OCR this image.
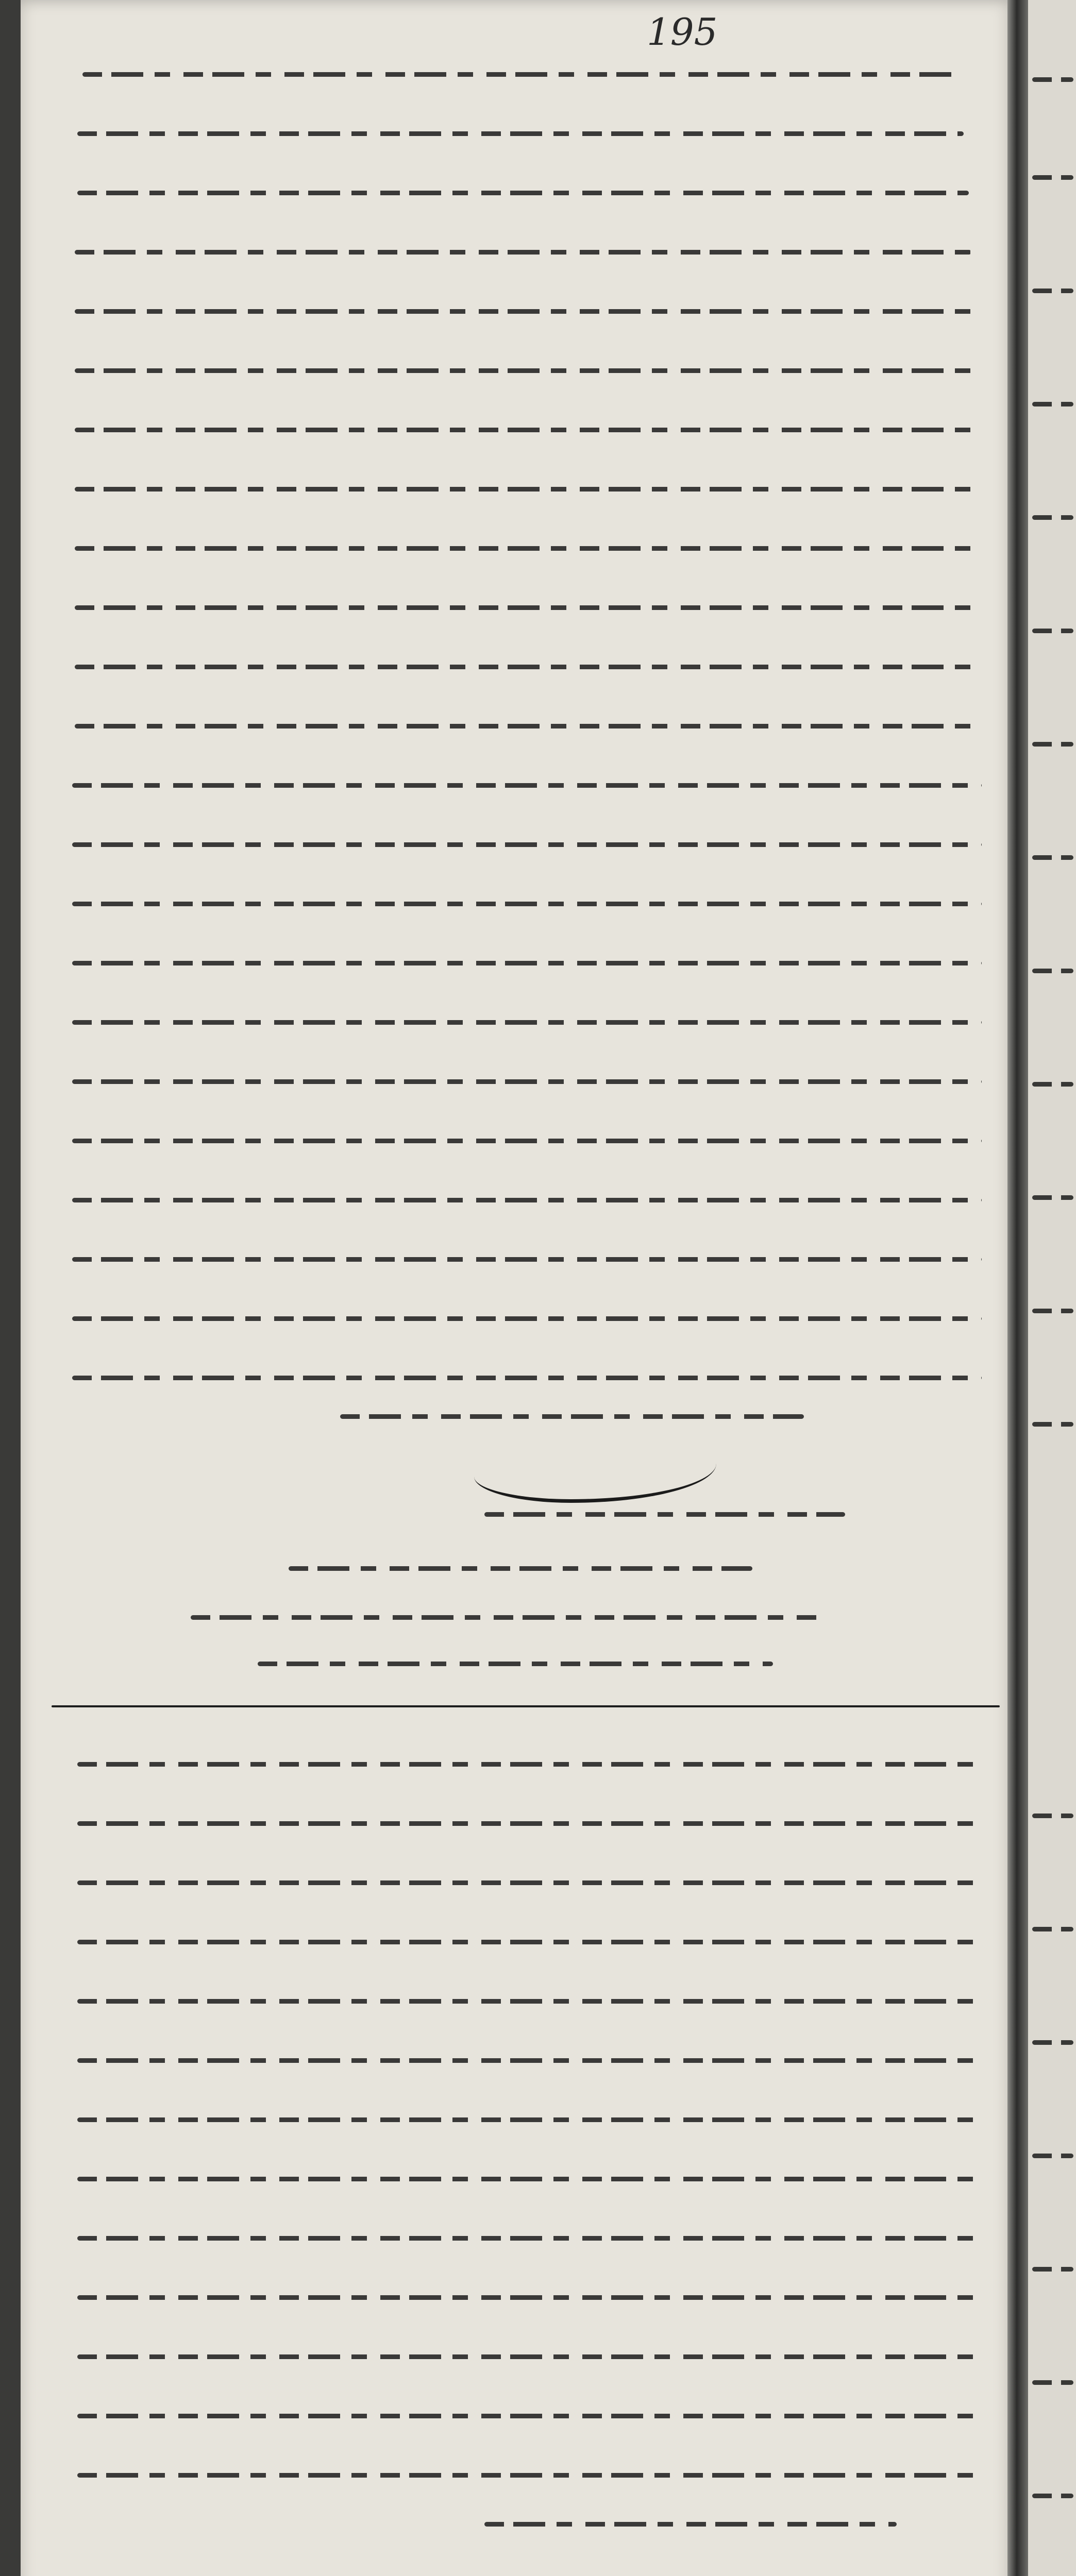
195
